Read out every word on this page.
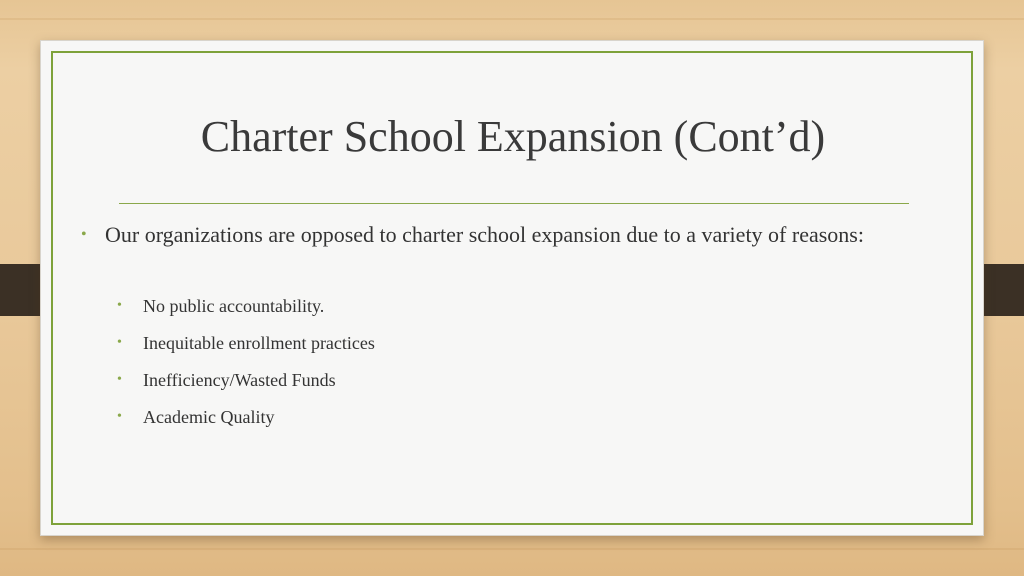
Charter School Expansion (Cont’d)
• Our organizations are opposed to charter school expansion due to a variety of reasons:
• No public accountability.
• Inequitable enrollment practices
• Inefficiency/Wasted Funds
• Academic Quality
